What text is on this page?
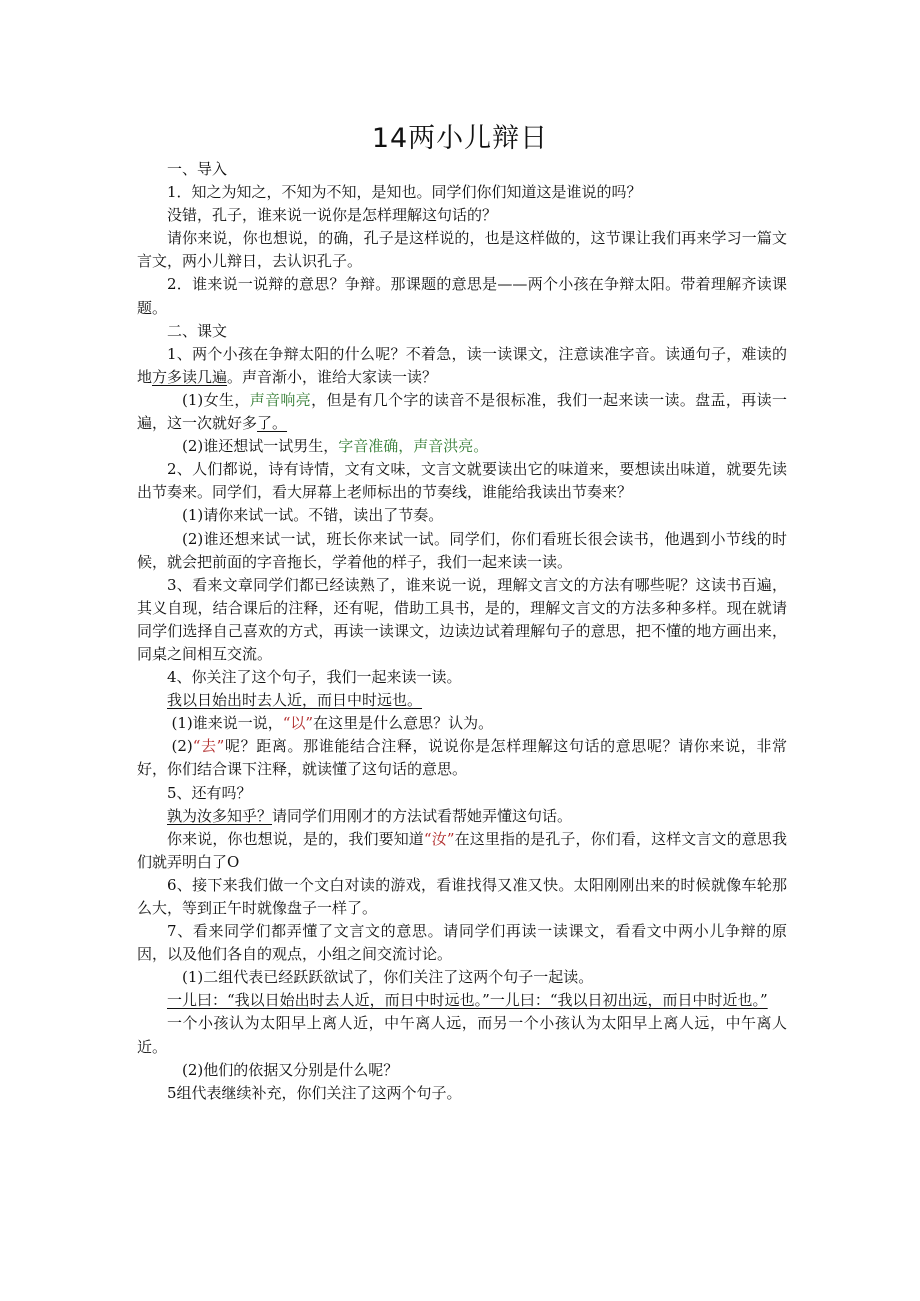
14两小儿辩日

一、导入

1．知之为知之，不知为不知，是知也。同学们你们知道这是谁说的吗？

没错，孔子，谁来说一说你是怎样理解这句话的？

请你来说，你也想说，的确，孔子是这样说的，也是这样做的，这节课让我们再来学习一篇文言文，两小儿辩日，去认识孔子。

2．谁来说一说辩的意思？争辩。那课题的意思是——两个小孩在争辩太阳。带着理解齐读课题。

二、课文

1、两个小孩在争辩太阳的什么呢？不着急，读一读课文，注意读准字音。读通句子，难读的地方多读几遍。声音渐小，谁给大家读一读？

(1)女生，声音响亮，但是有几个字的读音不是很标准，我们一起来读一读。盘盂，再读一遍，这一次就好多了。

(2)谁还想试一试男生，字音准确，声音洪亮。

2、人们都说，诗有诗情，文有文味，文言文就要读出它的味道来，要想读出味道，就要先读出节奏来。同学们，看大屏幕上老师标出的节奏线，谁能给我读出节奏来？

(1)请你来试一试。不错，读出了节奏。

(2)谁还想来试一试，班长你来试一试。同学们，你们看班长很会读书，他遇到小节线的时候，就会把前面的字音拖长，学着他的样子，我们一起来读一读。

3、看来文章同学们都已经读熟了，谁来说一说，理解文言文的方法有哪些呢？这读书百遍，其义自现，结合课后的注释，还有呢，借助工具书，是的，理解文言文的方法多种多样。现在就请同学们选择自己喜欢的方式，再读一读课文，边读边试着理解句子的意思，把不懂的地方画出来，同桌之间相互交流。

4、你关注了这个句子，我们一起来读一读。

我以日始出时去人近，而日中时远也。

(1)谁来说一说，“以”在这里是什么意思？认为。

(2)“去”呢？距离。那谁能结合注释，说说你是怎样理解这句话的意思呢？请你来说，非常好，你们结合课下注释，就读懂了这句话的意思。

5、还有吗？

孰为汝多知乎？请同学们用刚才的方法试看帮她弄懂这句话。

你来说，你也想说，是的，我们要知道“汝”在这里指的是孔子，你们看，这样文言文的意思我们就弄明白了O

6、接下来我们做一个文白对读的游戏，看谁找得又准又快。太阳刚刚出来的时候就像车轮那么大，等到正午时就像盘子一样了。

7、看来同学们都弄懂了文言文的意思。请同学们再读一读课文，看看文中两小儿争辩的原因，以及他们各自的观点，小组之间交流讨论。

(1)二组代表已经跃跃欲试了，你们关注了这两个句子一起读。

一儿曰：“我以日始出时去人近，而日中时远也。”一儿曰：“我以日初出远，而日中时近也。”

一个小孩认为太阳早上离人近，中午离人远，而另一个小孩认为太阳早上离人远，中午离人近。

(2)他们的依据又分别是什么呢？

5组代表继续补充，你们关注了这两个句子。
